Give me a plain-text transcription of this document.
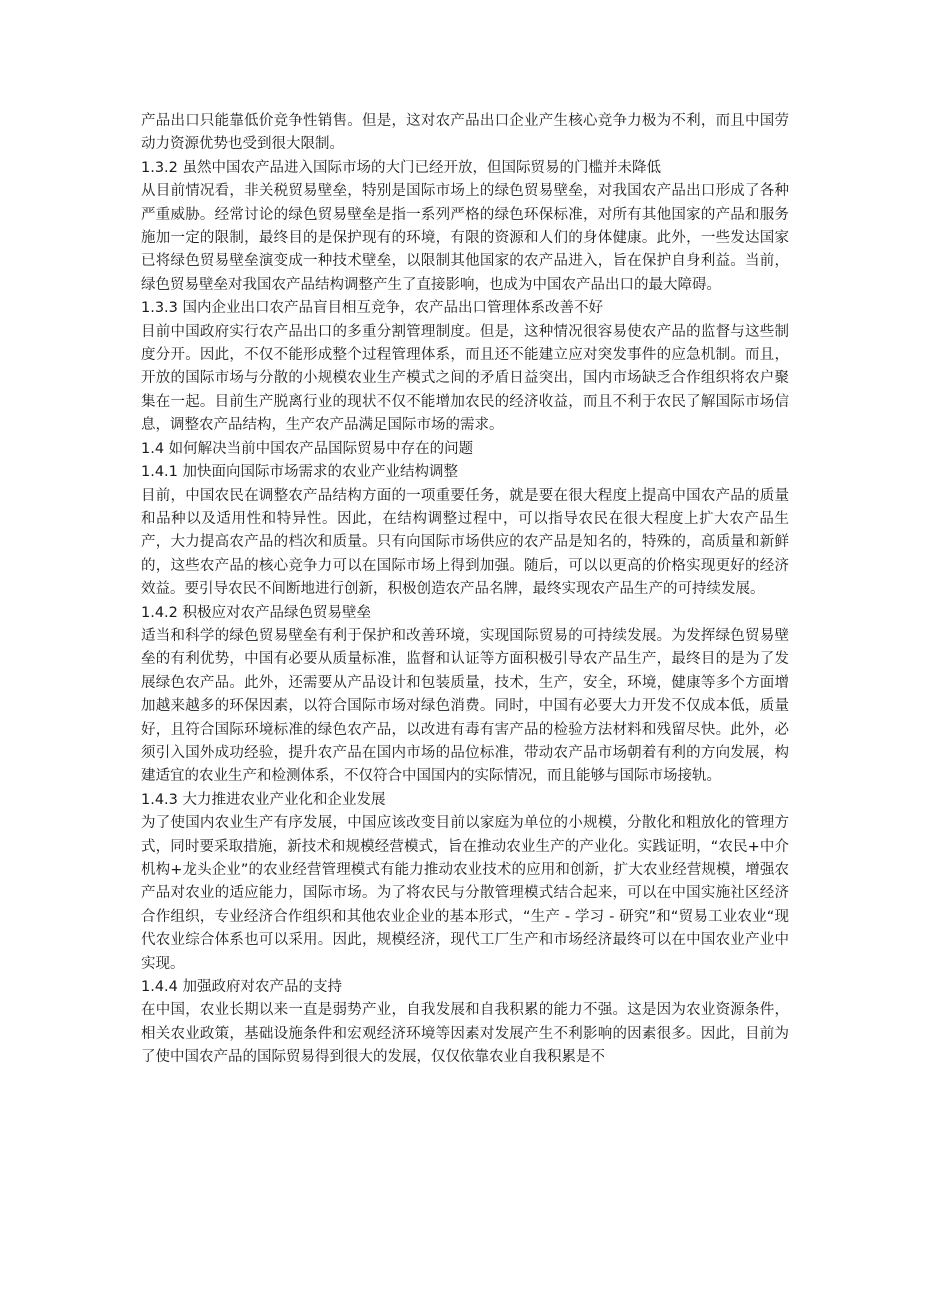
产品出口只能靠低价竞争性销售。但是，这对农产品出口企业产生核心竞争力极为不利，而且中国劳动力资源优势也受到很大限制。

1.3.2 虽然中国农产品进入国际市场的大门已经开放，但国际贸易的门槛并未降低

从目前情况看，非关税贸易壁垒，特别是国际市场上的绿色贸易壁垒，对我国农产品出口形成了各种严重威胁。经常讨论的绿色贸易壁垒是指一系列严格的绿色环保标准，对所有其他国家的产品和服务施加一定的限制，最终目的是保护现有的环境，有限的资源和人们的身体健康。此外，一些发达国家已将绿色贸易壁垒演变成一种技术壁垒，以限制其他国家的农产品进入，旨在保护自身利益。当前，绿色贸易壁垒对我国农产品结构调整产生了直接影响，也成为中国农产品出口的最大障碍。

1.3.3 国内企业出口农产品盲目相互竞争，农产品出口管理体系改善不好

目前中国政府实行农产品出口的多重分割管理制度。但是，这种情况很容易使农产品的监督与这些制度分开。因此，不仅不能形成整个过程管理体系，而且还不能建立应对突发事件的应急机制。而且，开放的国际市场与分散的小规模农业生产模式之间的矛盾日益突出，国内市场缺乏合作组织将农户聚集在一起。目前生产脱离行业的现状不仅不能增加农民的经济收益，而且不利于农民了解国际市场信息，调整农产品结构，生产农产品满足国际市场的需求。

1.4 如何解决当前中国农产品国际贸易中存在的问题
1.4.1 加快面向国际市场需求的农业产业结构调整

目前，中国农民在调整农产品结构方面的一项重要任务，就是要在很大程度上提高中国农产品的质量和品种以及适用性和特异性。因此，在结构调整过程中，可以指导农民在很大程度上扩大农产品生产，大力提高农产品的档次和质量。只有向国际市场供应的农产品是知名的，特殊的，高质量和新鲜的，这些农产品的核心竞争力可以在国际市场上得到加强。随后，可以以更高的价格实现更好的经济效益。要引导农民不间断地进行创新，积极创造农产品名牌，最终实现农产品生产的可持续发展。

1.4.2 积极应对农产品绿色贸易壁垒

适当和科学的绿色贸易壁垒有利于保护和改善环境，实现国际贸易的可持续发展。为发挥绿色贸易壁垒的有利优势，中国有必要从质量标准，监督和认证等方面积极引导农产品生产，最终目的是为了发展绿色农产品。此外，还需要从产品设计和包装质量，技术，生产，安全，环境，健康等多个方面增加越来越多的环保因素，以符合国际市场对绿色消费。同时，中国有必要大力开发不仅成本低，质量好，且符合国际环境标准的绿色农产品，以改进有毒有害产品的检验方法材料和残留尽快。此外，必须引入国外成功经验，提升农产品在国内市场的品位标准，带动农产品市场朝着有利的方向发展，构建适宜的农业生产和检测体系，不仅符合中国国内的实际情况，而且能够与国际市场接轨。

1.4.3 大力推进农业产业化和企业发展

为了使国内农业生产有序发展，中国应该改变目前以家庭为单位的小规模，分散化和粗放化的管理方式，同时要采取措施，新技术和规模经营模式，旨在推动农业生产的产业化。实践证明，“农民+中介机构+龙头企业”的农业经营管理模式有能力推动农业技术的应用和创新，扩大农业经营规模，增强农产品对农业的适应能力，国际市场。为了将农民与分散管理模式结合起来，可以在中国实施社区经济合作组织，专业经济合作组织和其他农业企业的基本形式，“生产 - 学习 - 研究”和“贸易工业农业“现代农业综合体系也可以采用。因此，规模经济，现代工厂生产和市场经济最终可以在中国农业产业中实现。

1.4.4 加强政府对农产品的支持

在中国，农业长期以来一直是弱势产业，自我发展和自我积累的能力不强。这是因为农业资源条件，相关农业政策，基础设施条件和宏观经济环境等因素对发展产生不利影响的因素很多。因此，目前为了使中国农产品的国际贸易得到很大的发展，仅仅依靠农业自我积累是不
